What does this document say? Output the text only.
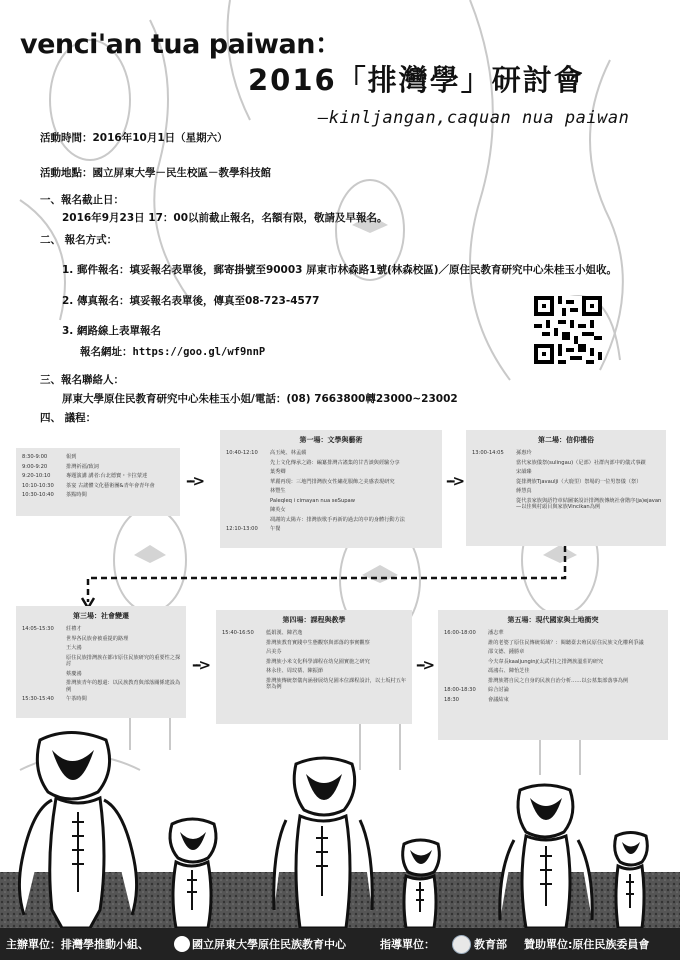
venci'an tua paiwan：
2016「排灣學」研討會
—kinljangan,caquan nua paiwan
活動時間：2016年10月1日（星期六）
活動地點：國立屏東大學－民生校區－教學科技館
一、報名截止日：
2016年9月23日 17：00以前截止報名，名額有限，敬請及早報名。
二、 報名方式：
1. 郵件報名：填妥報名表單後，郵寄掛號至90003 屏東市林森路1號(林森校區)／原住民教育研究中心朱桂玉小姐收。
2. 傳真報名：填妥報名表單後，傳真至08-723-4577
3. 網路線上表單報名
報名網址：https://goo.gl/wf9nnP
三、報名聯絡人：
屏東大學原住民教育研究中心朱桂玉小姐/電話：(08) 7663800轉23000~23002
四、 議程：
8:30-9:00	報到
9:00-9:20	排灣祈福/致詞
9:20-10:10	專題演講 講者:台北德寶・卡拉蒙達
10:10-10:30	茶宴 古謠體文化藝術團&青年會青年會
10:30-10:40	茶點時間
-->
第一場：文學與藝術
10:40-12:10	高玉純、林孟蘋
先上文化傳承之路：編纂排灣古謠集的甘苦談與經驗分享
葉秀卿
華麗再現：三地門排灣族女性繡花服飾之美感表現研究
林豐生
Paleqleq i cimayan nua seSupaw
陳英女
凋謝的太陽卉：排灣族歌手再新的過去的中的身體行動方法
12:10-13:00	午餐
-->
第二場：信仰禮俗
13:00-14:05	孫惠玲
當代家族儀祭(sulingau)（足部）社群內部中的儀式事蹟
宋韻臻
從排灣族Tjavaulji（大鹿里）祭場的一位男祭儀（祭）
蔣慧真
從代表家族與語符章結圖案設計排灣族傳統社會階序(ja)ejavan—以佳興村頭目與家族Vincikan為例
第三場：社會變遷
14:05-15:30	莊禮才
世界各民族會被重提的路理
王大鴻
原住民族排灣族在都市原住民族研究的重要性之探討
蔡慶鴻
排灣族青年的想還：以民族教育與部落關係建設為例
15:30-15:40	午茶時間
-->
第四場：課程與教學
15:40-16:50	藍娟漢、陳君逸
排灣族教育實踐中生態觀察與部落的事實觀察
呂美芬
排灣族小米文化科學課程在幼兒園實施之研究
林永佳、周玟蒨、陳振節
排灣族傳統祭儀內涵發展幼兒園本位課程設計，以土坂村五年祭為例
-->
第五場：現代國家與土地衝突
16:00-18:00	潘志華
誰的老婆了原住民傳統領域？：閱聽臺去殖民原住民族文化權利爭議
邵文德、鍾勝章
今夫韋長kaaljunginj(太武村)之排灣族溫莊的研究
馮鴻右、陳怡芝佳
排灣族將自民之自身的民族自治分析……以公墓集部落事為例
18:00-18:30	綜合討論
18:30	會議結束
主辦單位：排灣學推動小組、	國立屏東大學原住民族教育中心	指導單位：	教育部 贊助單位:原住民族委員會
